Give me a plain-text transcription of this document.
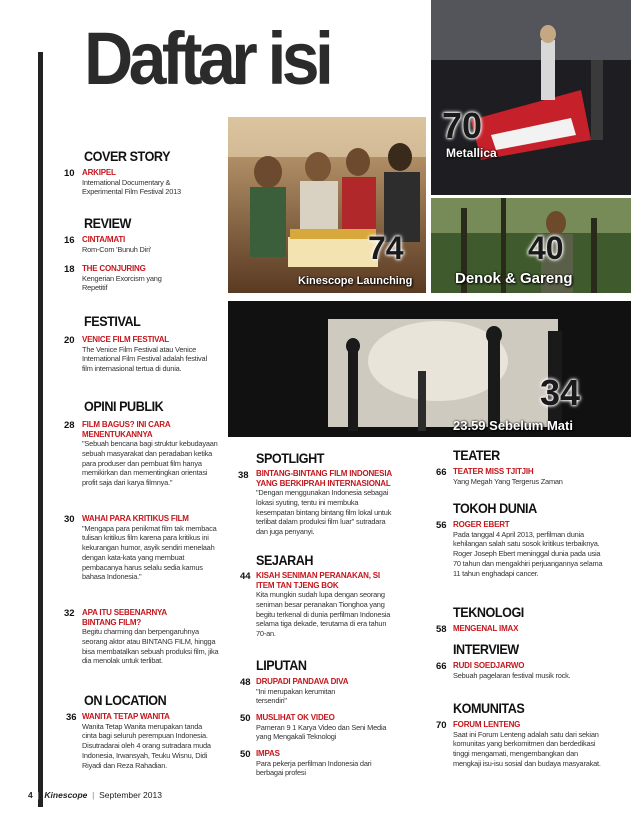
Daftar isi
74
Kinescope Launching
70
Metallica
40
Denok & Gareng
34
23.59 Sebelum Mati
COVER STORY
10 ARKIPEL
International Documentary & Experimental Film Festival 2013
REVIEW
16 CINTA/MATI
Rom-Com 'Bunuh Diri'
18 THE CONJURING
Kengerian Exorcism yang Repetitif
FESTIVAL
20 VENICE FILM FESTIVAL
The Venice Film Festival atau Venice International Film Festival adalah festival film internasional tertua di dunia.
OPINI PUBLIK
28 FILM BAGUS? INI CARA MENENTUKANNYA
"Sebuah bencana bagi struktur kebudayaan sebuah masyarakat dan peradaban ketika para produser dan pembuat film hanya memikirkan dan mementingkan orientasi profit saja dari karya filmnya."
30 WAHAI PARA KRITIKUS FILM
"Mengapa para penikmat film tak membaca tulisan kritikus film karena para kritikus ini kekurangan humor, asyik sendiri menelaah dengan kata-kata yang membuat pembacanya harus selalu sedia kamus bahasa Indonesia."
32 APA ITU SEBENARNYA BINTANG FILM?
Begitu charming dan berpengaruhnya seorang aktor atau BINTANG FILM, hingga bisa membatalkan sebuah produksi film, jika dia menolak untuk terlibat.
ON LOCATION
36 WANITA TETAP WANITA
Wanita Tetap Wanita merupakan tanda cinta bagi seluruh perempuan Indonesia. Disutradarai oleh 4 orang sutradara muda Indonesia, Irwansyah, Teuku Wisnu, Didi Riyadi dan Reza Rahadian.
SPOTLIGHT
38 BINTANG-BINTANG FILM INDONESIA YANG BERKIPRAH INTERNASIONAL
"Dengan menggunakan Indonesia sebagai lokasi syuting, tentu ini membuka kesempatan bintang bintang film lokal untuk terlibat dalam produksi film luar" sutradara dan juga penyanyi.
SEJARAH
44 KISAH SENIMAN PERANAKAN, SI ITEM TAN TJENG BOK
Kita mungkin sudah lupa dengan seorang seniman besar peranakan Tionghoa yang begitu terkenal di dunia perfilman Indonesia selama tiga dekade, terutama di era tahun 70-an.
LIPUTAN
48 DRUPADI PANDAVA DIVA
"Ini merupakan kerumitan tersendiri"
50 MUSLIHAT OK VIDEO
Pameran 9 1 Karya Video dan Seni Media yang Mengakali Teknologi
50 IMPAS
Para pekerja perfilman Indonesia dari berbagai profesi
TEATER
66 TEATER MISS TJITJIH
Yang Megah Yang Tergerus Zaman
TOKOH DUNIA
56 ROGER EBERT
Pada tanggal 4 April 2013, perfilman dunia kehilangan salah satu sosok kritikus terbaiknya. Roger Joseph Ebert meninggal dunia pada usia 70 tahun dan mengakhiri perjuangannya selama 11 tahun enghadapi cancer.
TEKNOLOGI
58 MENGENAL IMAX
INTERVIEW
66 RUDI SOEDJARWO
Sebuah pagelaran festival musik rock.
KOMUNITAS
70 FORUM LENTENG
Saat ini Forum Lenteng adalah satu dari sekian komunitas yang berkomitmen dan berdedikasi tinggi mengamati, mengembangkan dan mengkaji isu-isu sosial dan budaya masyarakat.
4  |  Kinescope  |  September 2013
